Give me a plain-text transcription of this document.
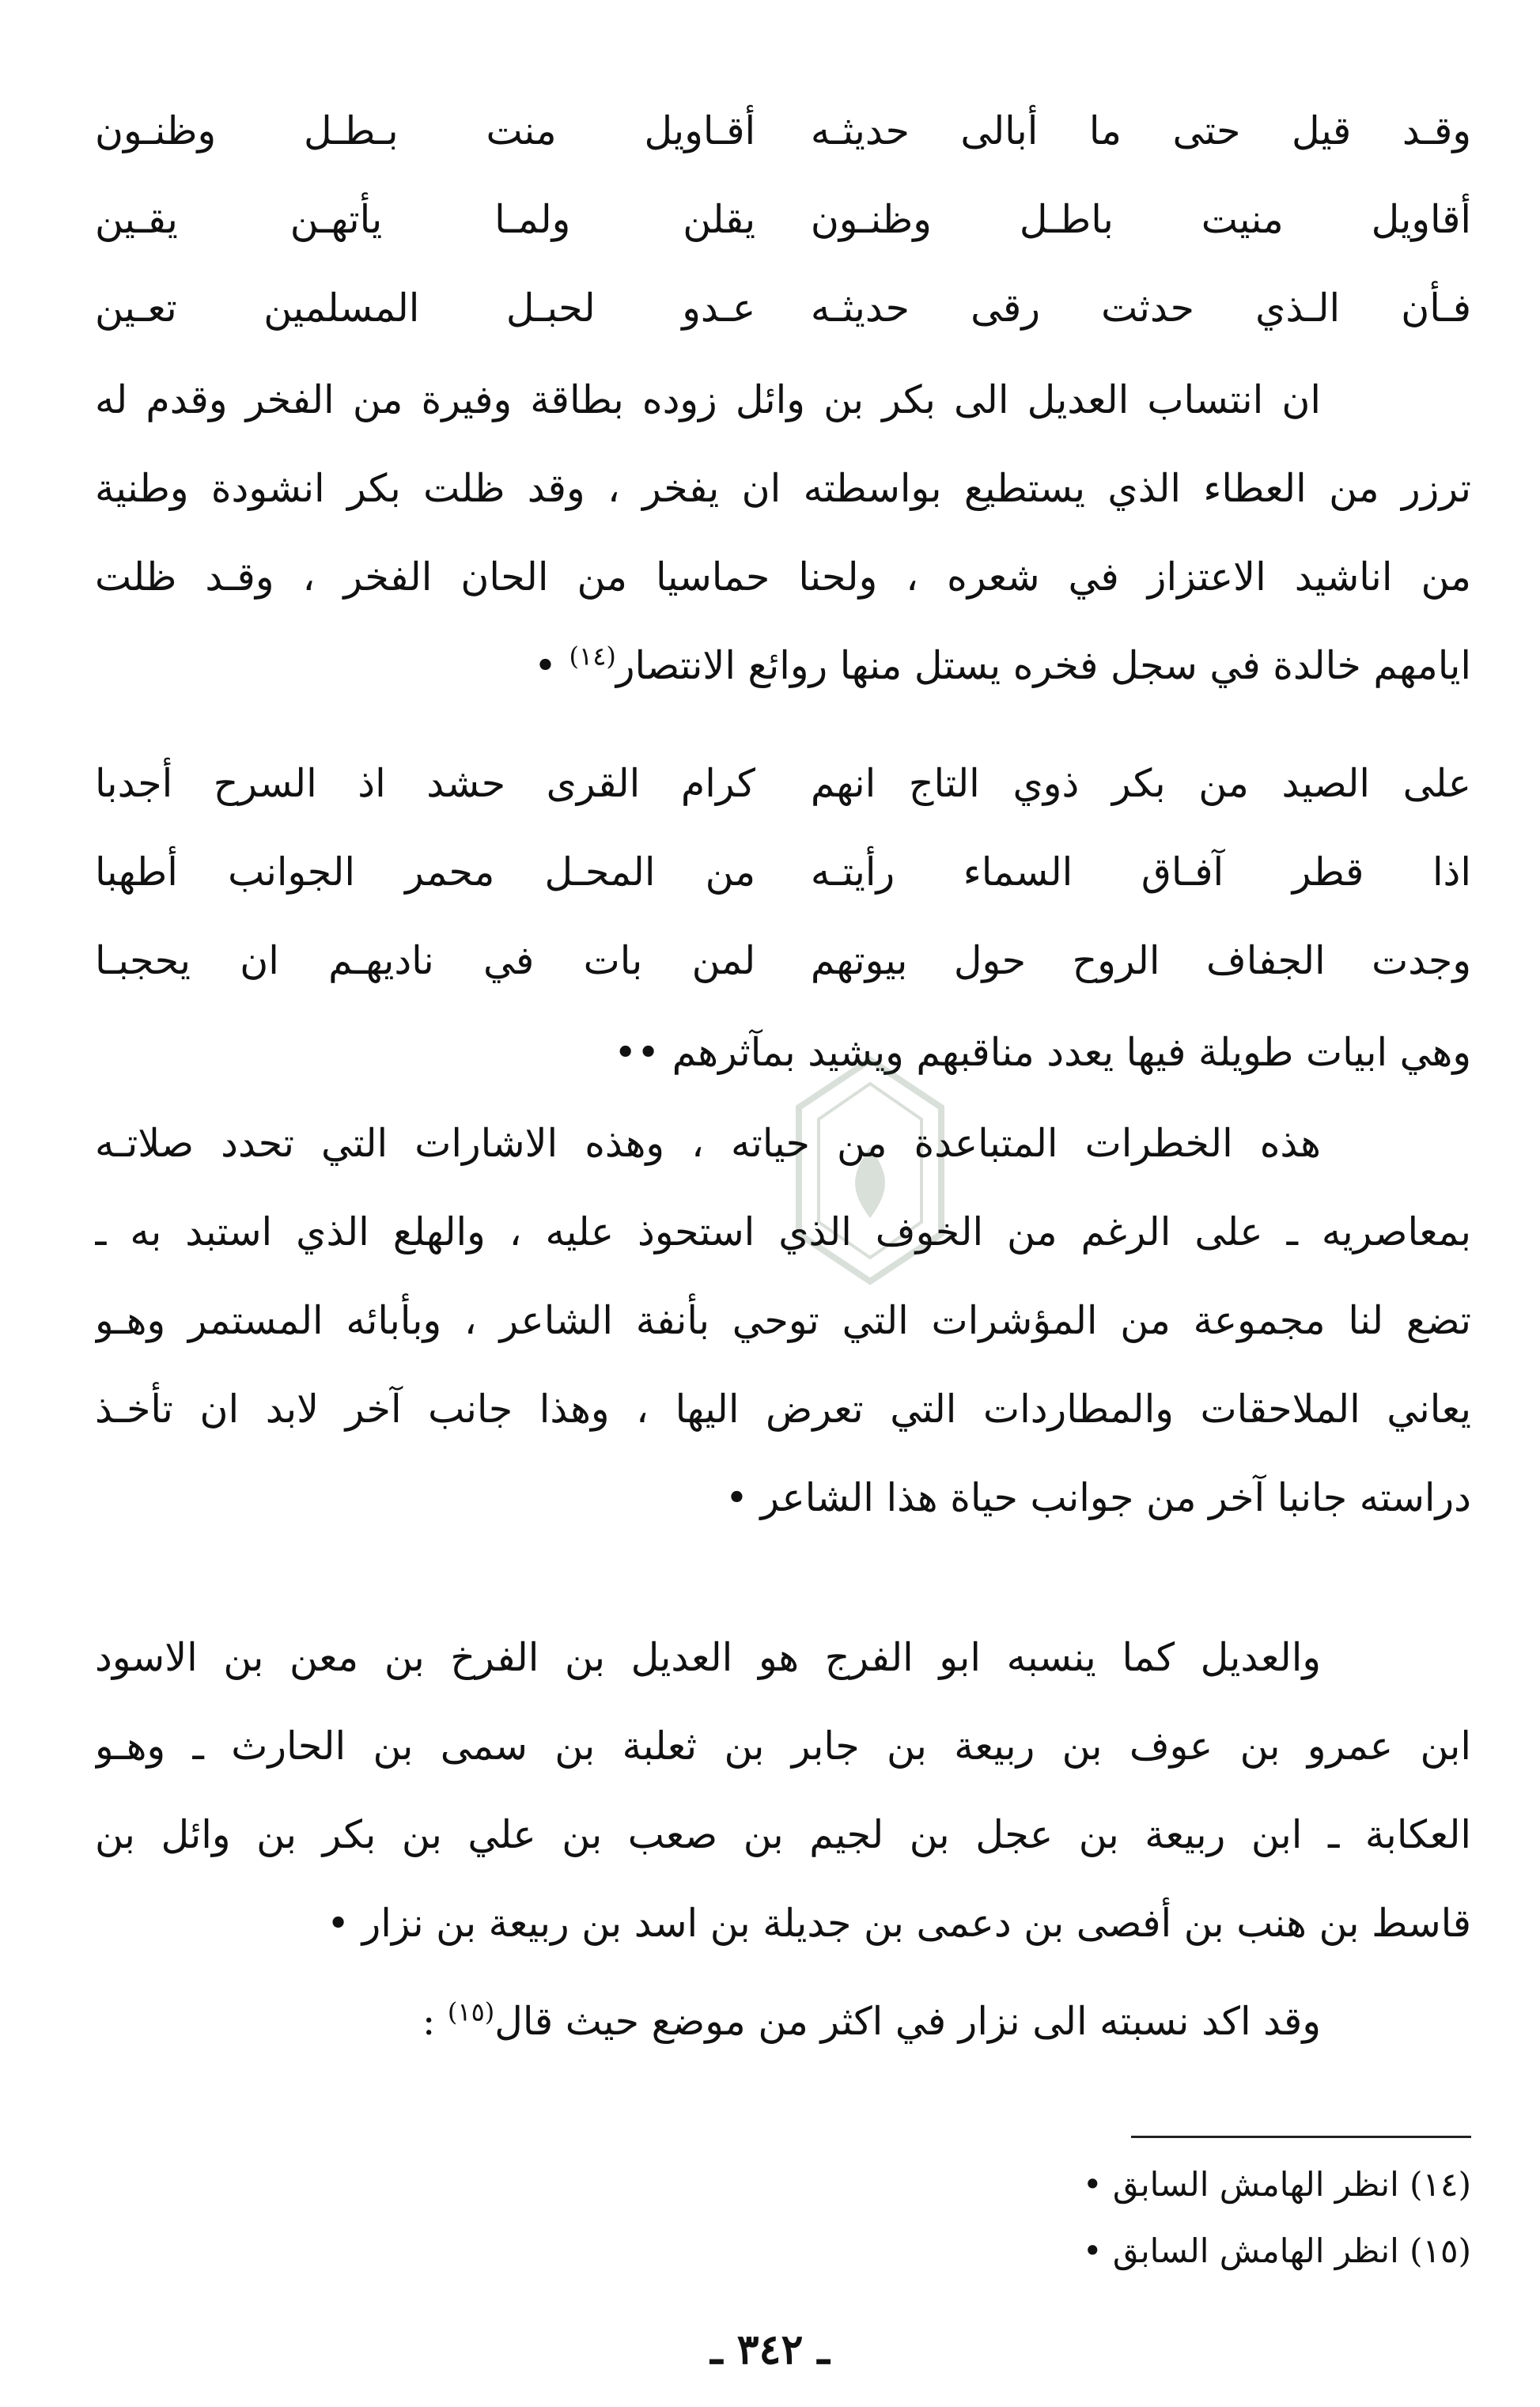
وقـد قيل حتى ما أبالى حديثـه
أقـاويل منت بـطـل وظنـون
أقاويل منيت باطـل وظنـون
يقلن ولمـا يأتهـن يقـين
فـأن الـذي حدثت رقى حديثـه
عـدو لحبـل المسلمين تعـين
ان انتساب العديل الى بكر بن وائل زوده بطاقة وفيرة من الفخر وقدم له
ترزر من العطاء الذي يستطيع بواسطته ان يفخر ، وقد ظلت بكر انشودة وطنية
من اناشيد الاعتزاز في شعره ، ولحنا حماسيا من الحان الفخر ، وقـد ظلت
ايامهم خالدة في سجل فخره يستل منها روائع الانتصار$^{(١٤)}$ •
على الصيد من بكر ذوي التاج انهم
كرام القرى حشد اذ السرح أجدبا
اذا قطر آفـاق السماء رأيتـه
من المحـل محمر الجوانب أطهبا
وجدت الجفاف الروح حول بيوتهم
لمن بات في ناديهـم ان يحجبـا
وهي ابيات طويلة فيها يعدد مناقبهم ويشيد بمآثرهم ••
هذه الخطرات المتباعدة من حياته ، وهذه الاشارات التي تحدد صلاتـه
بمعاصريه ـ على الرغم من الخوف الذي استحوذ عليه ، والهلع الذي استبد به ـ
تضع لنا مجموعة من المؤشرات التي توحي بأنفة الشاعر ، وبأبائه المستمر وهـو
يعاني الملاحقات والمطاردات التي تعرض اليها ، وهذا جانب آخر لابد ان تأخـذ
دراسته جانبا آخر من جوانب حياة هذا الشاعر •
والعديل كما ينسبه ابو الفرج هو العديل بن الفرخ بن معن بن الاسود
ابن عمرو بن عوف بن ربيعة بن جابر بن ثعلبة بن سمى بن الحارث ـ وهـو
العكابة ـ ابن ربيعة بن عجل بن لجيم بن صعب بن علي بن بكر بن وائل بن
قاسط بن هنب بن أفصى بن دعمى بن جديلة بن اسد بن ربيعة بن نزار •
وقد اكد نسبته الى نزار في اكثر من موضع حيث قال$^{(١٥)}$ :
(١٤) انظر الهامش السابق •
(١٥) انظر الهامش السابق •
ـ ٣٤٢ ـ
